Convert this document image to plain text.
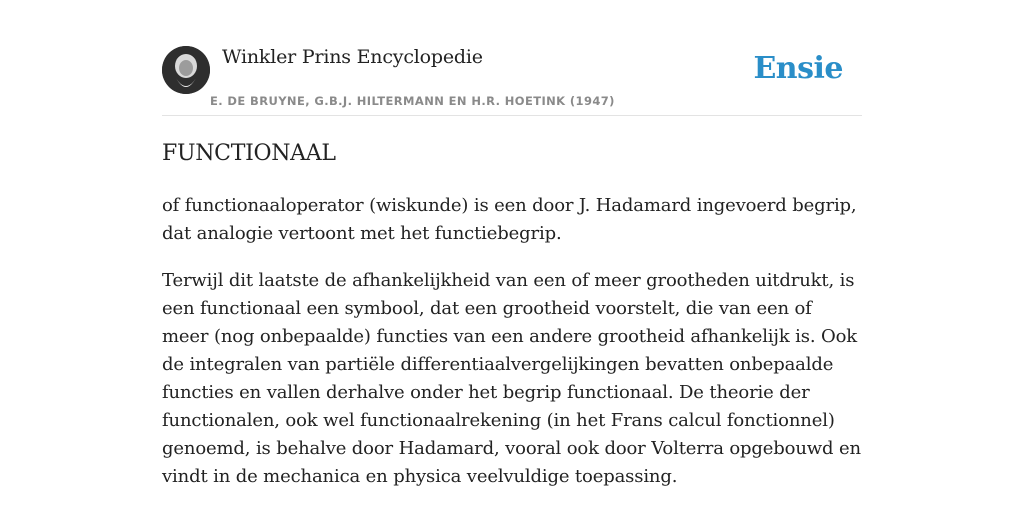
Winkler Prins Encyclopedie
E. DE BRUYNE, G.B.J. HILTERMANN EN H.R. HOETINK (1947)
Ensie
FUNCTIONAAL

of functionaaloperator (wiskunde) is een door J. Hadamard ingevoerd begrip, dat analogie vertoont met het functiebegrip.

Terwijl dit laatste de afhankelijkheid van een of meer grootheden uitdrukt, is een functionaal een symbool, dat een grootheid voorstelt, die van een of meer (nog onbepaalde) functies van een andere grootheid afhankelijk is. Ook de integralen van partiële differentiaalvergelijkingen bevatten onbepaalde functies en vallen derhalve onder het begrip functionaal. De theorie der functionalen, ook wel functionaalrekening (in het Frans calcul fonctionnel) genoemd, is behalve door Hadamard, vooral ook door Volterra opgebouwd en vindt in de mechanica en physica veelvuldige toepassing.
